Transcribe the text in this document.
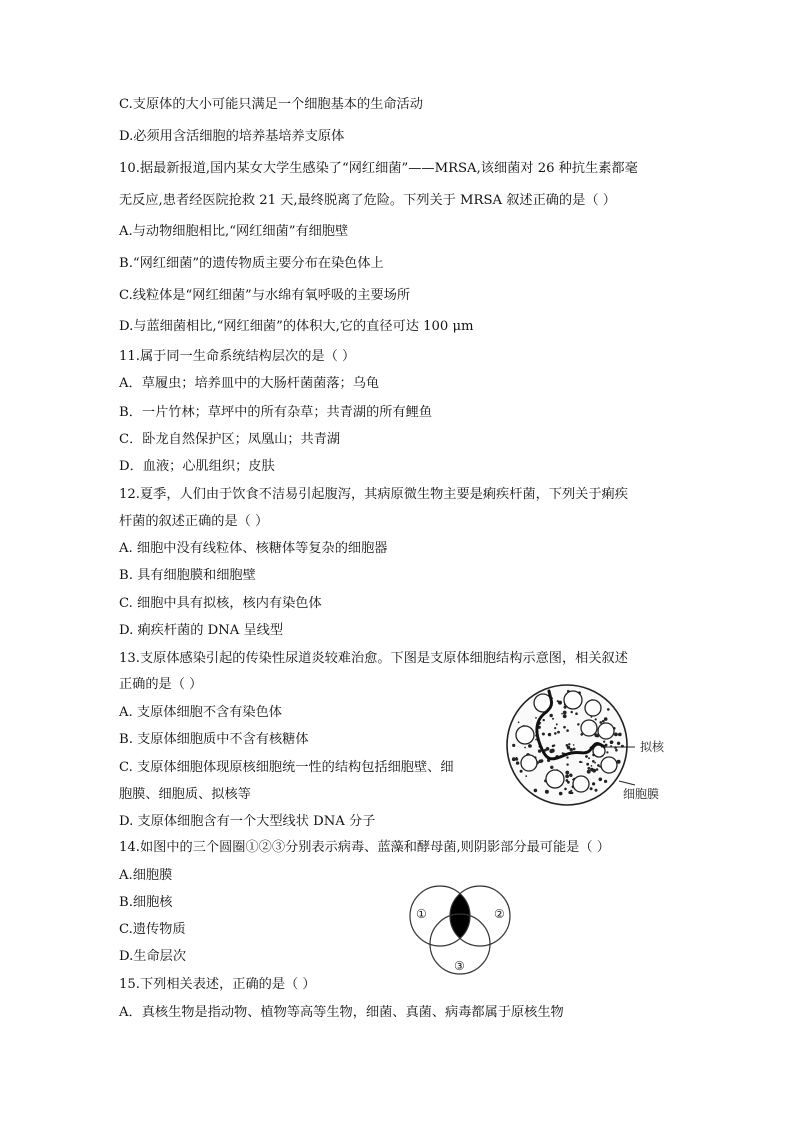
C.支原体的大小可能只满足一个细胞基本的生命活动
D.必须用含活细胞的培养基培养支原体
10.据最新报道,国内某女大学生感染了“网红细菌”——MRSA,该细菌对 26 种抗生素都毫
无反应,患者经医院抢救 21 天,最终脱离了危险。下列关于 MRSA 叙述正确的是（ ）
A.与动物细胞相比,“网红细菌”有细胞壁
B.“网红细菌”的遗传物质主要分布在染色体上
C.线粒体是“网红细菌”与水绵有氧呼吸的主要场所
D.与蓝细菌相比,“网红细菌”的体积大,它的直径可达 100 μm
11.属于同一生命系统结构层次的是（ ）
A．草履虫；培养皿中的大肠杆菌菌落；乌龟
B．一片竹林；草坪中的所有杂草；共青湖的所有鲤鱼
C．卧龙自然保护区；凤凰山；共青湖
D．血液；心肌组织；皮肤
12.夏季，人们由于饮食不洁易引起腹泻，其病原微生物主要是痢疾杆菌，下列关于痢疾
杆菌的叙述正确的是（ ）
A. 细胞中没有线粒体、核糖体等复杂的细胞器
B. 具有细胞膜和细胞壁
C. 细胞中具有拟核，核内有染色体
D. 痢疾杆菌的 DNA 呈线型
13.支原体感染引起的传染性尿道炎较难治愈。下图是支原体细胞结构示意图，相关叙述
正确的是（ ）
A. 支原体细胞不含有染色体
B. 支原体细胞质中不含有核糖体
C. 支原体细胞体现原核细胞统一性的结构包括细胞壁、细
胞膜、细胞质、拟核等
D. 支原体细胞含有一个大型线状 DNA 分子
14.如图中的三个圆圈①②③分别表示病毒、蓝藻和酵母菌,则阴影部分最可能是（ ）
A.细胞膜
B.细胞核
C.遗传物质
D.生命层次
15.下列相关表述，正确的是（ ）
A．真核生物是指动物、植物等高等生物，细菌、真菌、病毒都属于原核生物
拟核
细胞膜
①	②
③
